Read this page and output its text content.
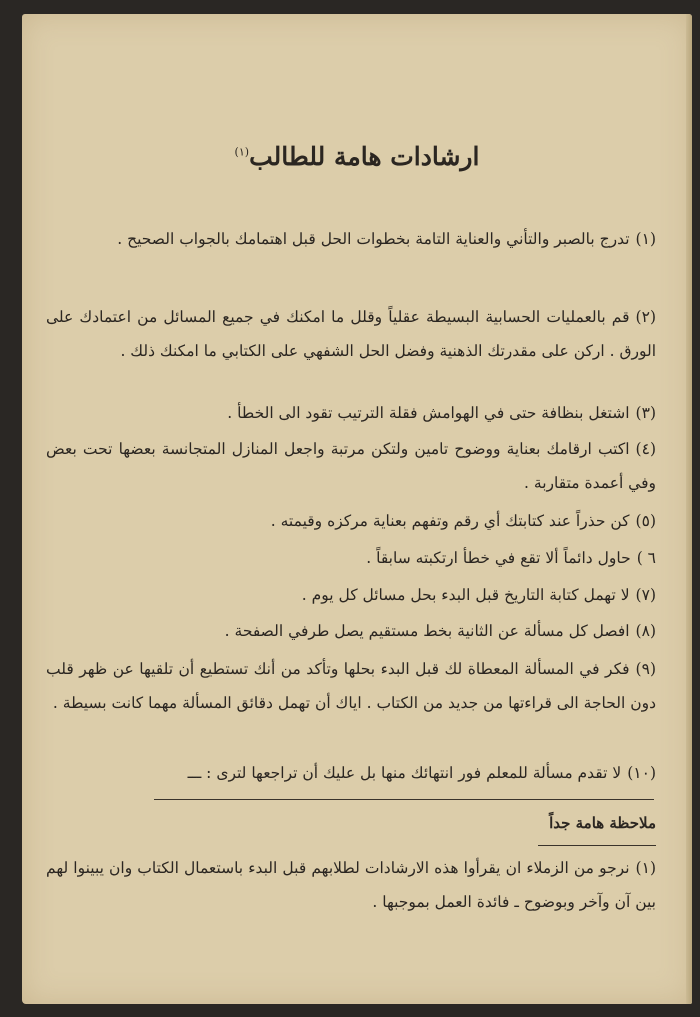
ارشادات هامة للطالب$^{(١)}$

(١)تدرج بالصبر والتأني والعناية التامة بخطوات الحل قبل اهتمامك بالجواب الصحيح .

(٢)قم بالعمليات الحسابية البسيطة عقلياً وقلل ما امكنك في جميع المسائل من اعتمادك على الورق . اركن على مقدرتك الذهنية وفضل الحل الشفهي على الكتابي ما امكنك ذلك .

(٣)اشتغل بنظافة حتى في الهوامش فقلة الترتيب تقود الى الخطأ .

(٤)اكتب ارقامك بعناية ووضوح تامين ولتكن مرتبة واجعل المنازل المتجانسة بعضها تحت بعض وفي أعمدة متقاربة .

(٥)كن حذراً عند كتابتك أي رقم وتفهم بعناية مركزه وقيمته .

٦ )حاول دائماً ألا تقع في خطأ ارتكبته سابقاً .

(٧)لا تهمل كتابة التاريخ قبل البدء بحل مسائل كل يوم .

(٨)افصل كل مسألة عن الثانية بخط مستقيم يصل طرفي الصفحة .

(٩)فكر في المسألة المعطاة لك قبل البدء بحلها وتأكد من أنك تستطيع أن تلقيها عن ظهر قلب دون الحاجة الى قراءتها من جديد من الكتاب . اياك أن تهمل دقائق المسألة مهما كانت بسيطة .

(١٠)لا تقدم مسألة للمعلم فور انتهائك منها بل عليك أن تراجعها لترى : ـــ

ملاحظة هامة جداً

(١)نرجو من الزملاء ان يقرأوا هذه الارشادات لطلابهم قبل البدء باستعمال الكتاب وان يبينوا لهم بين آن وآخر وبوضوح ـ فائدة العمل بموجبها .
